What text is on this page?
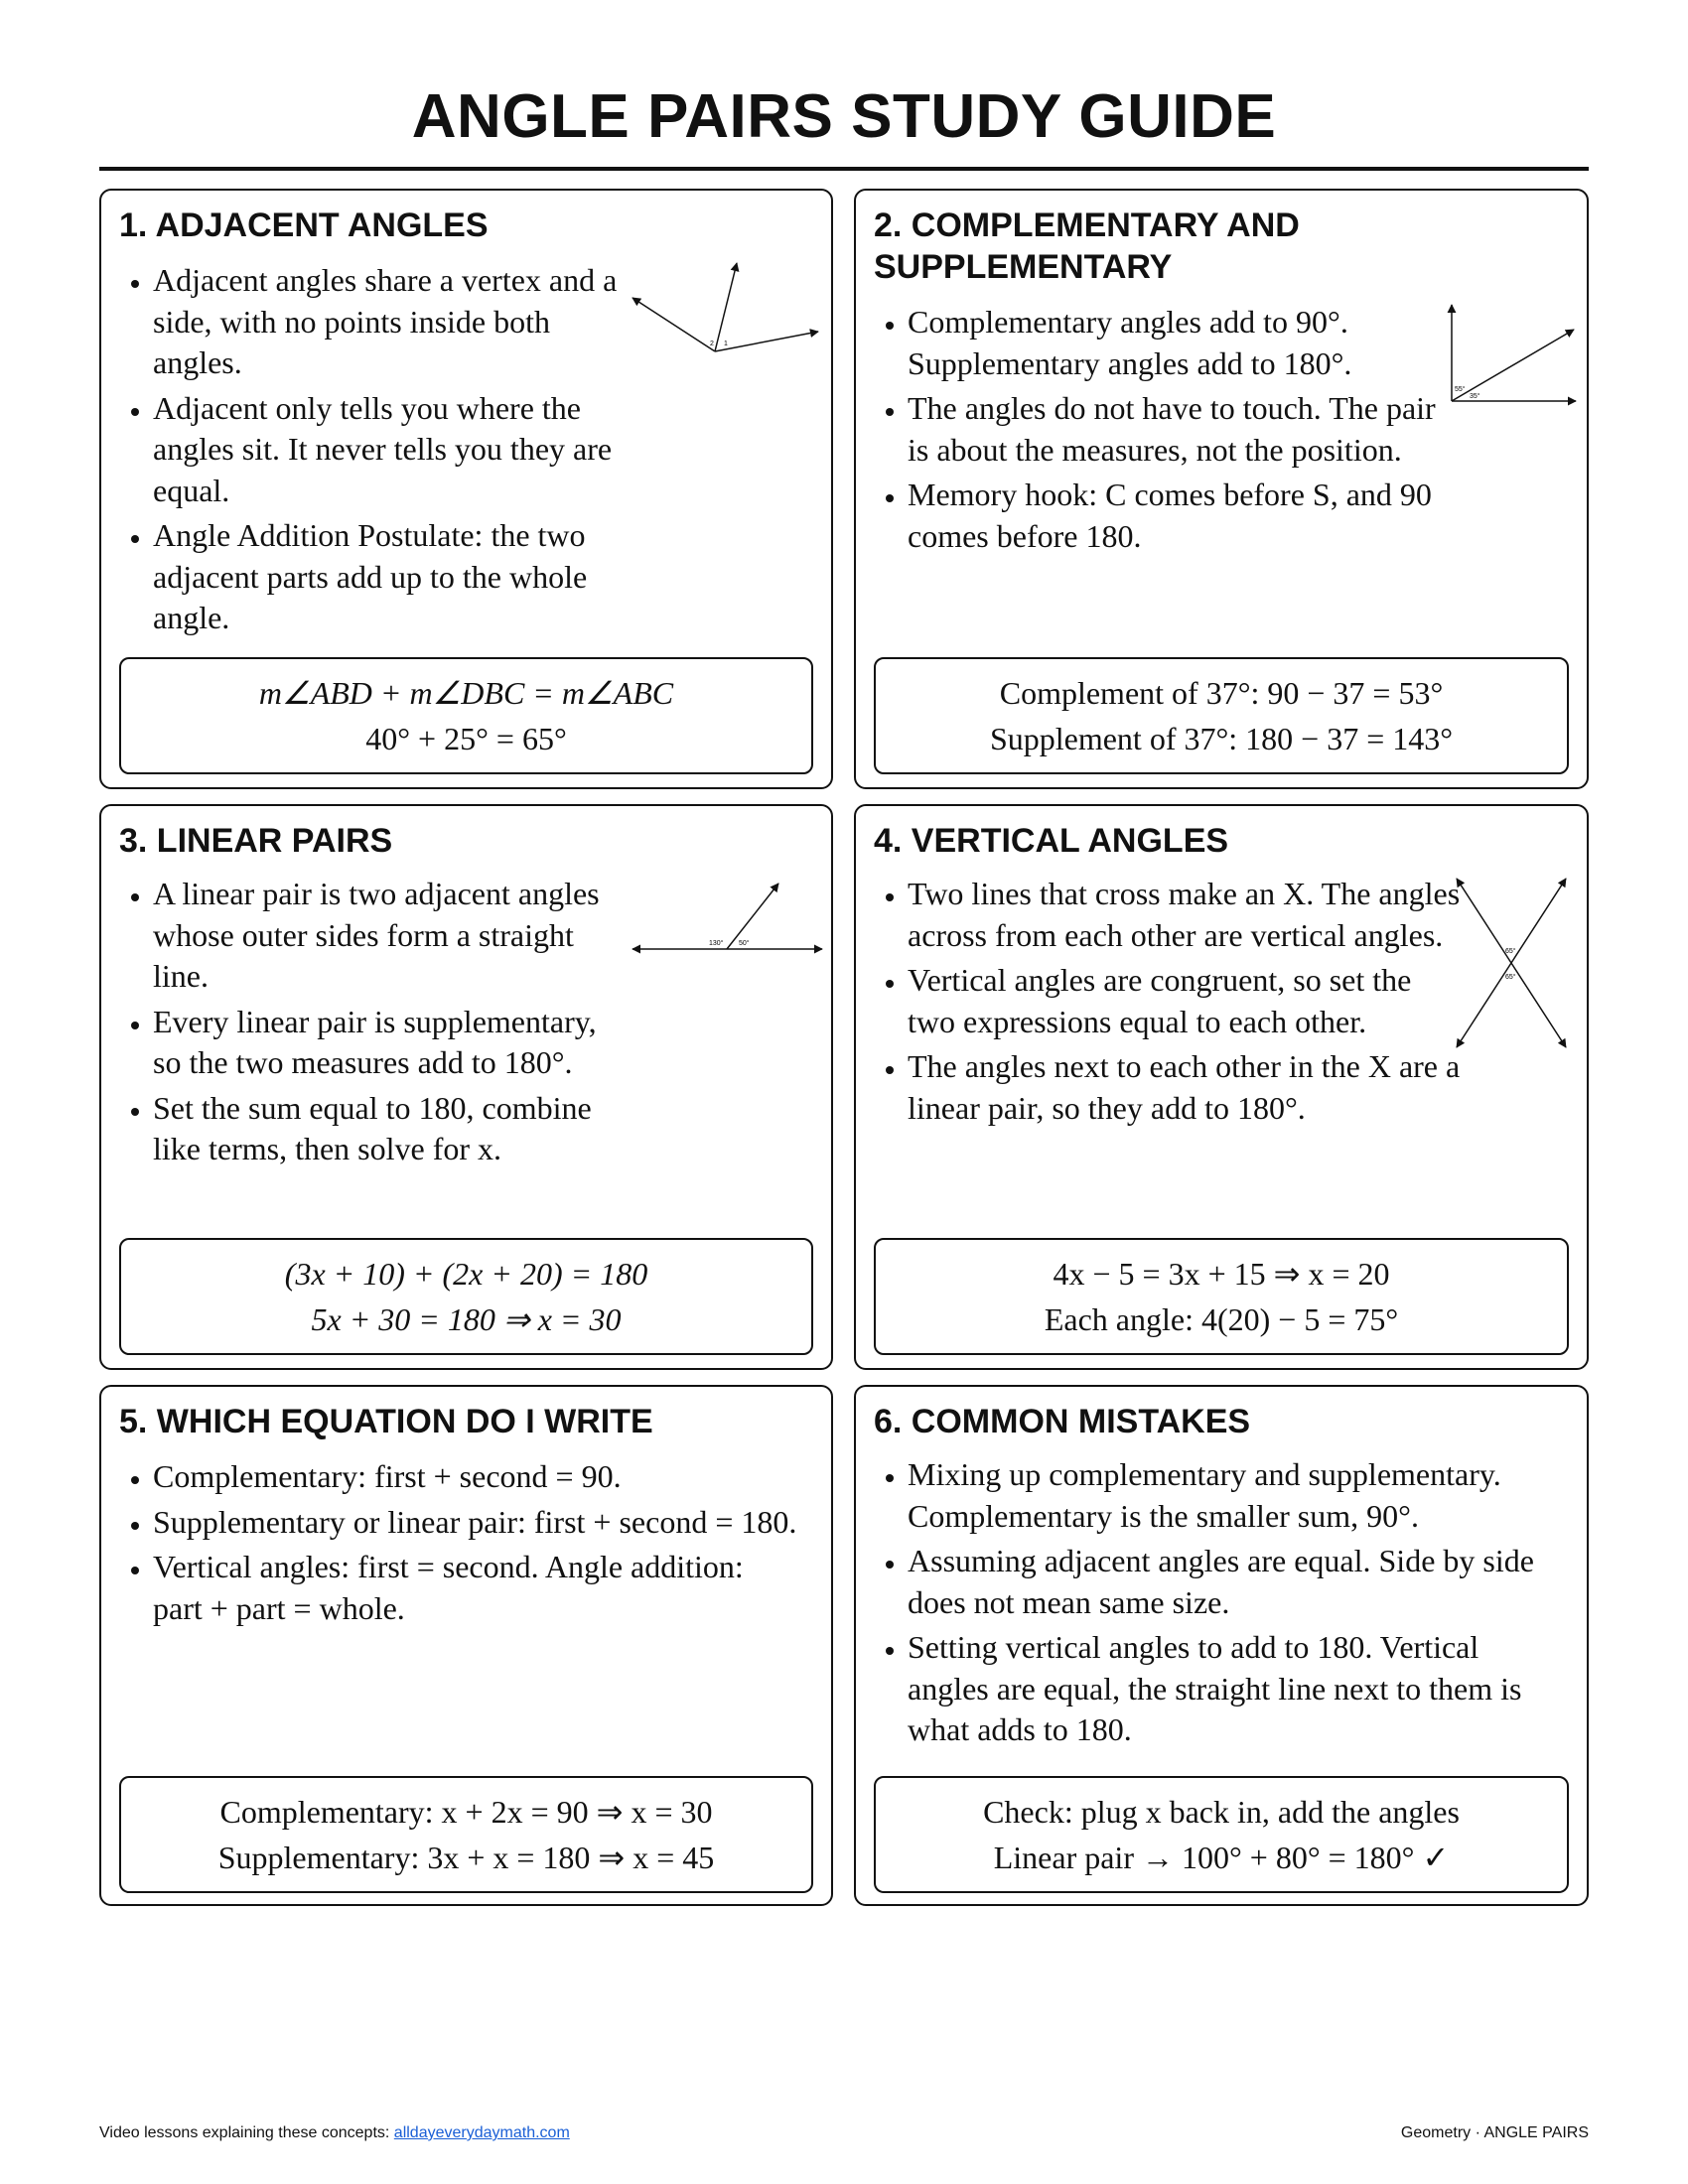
ANGLE PAIRS STUDY GUIDE
1. ADJACENT ANGLES
• Adjacent angles share a vertex and a side, with no points inside both angles.
• Adjacent only tells you where the angles sit. It never tells you they are equal.
• Angle Addition Postulate: the two adjacent parts add up to the whole angle.
2 1
m∠ABD + m∠DBC = m∠ABC
40° + 25° = 65°
2. COMPLEMENTARY AND SUPPLEMENTARY
• Complementary angles add to 90°. Supplementary angles add to 180°.
• The angles do not have to touch. The pair is about the measures, not the position.
• Memory hook: C comes before S, and 90 comes before 180.
55°
35°
Complement of 37°: 90 − 37 = 53°
Supplement of 37°: 180 − 37 = 143°
3. LINEAR PAIRS
• A linear pair is two adjacent angles whose outer sides form a straight line.
• Every linear pair is supplementary, so the two measures add to 180°.
• Set the sum equal to 180, combine like terms, then solve for x.
130° 50°
(3x + 10) + (2x + 20) = 180
5x + 30 = 180 ⇒ x = 30
4. VERTICAL ANGLES
• Two lines that cross make an X. The angles across from each other are vertical angles.
• Vertical angles are congruent, so set the two expressions equal to each other.
• The angles next to each other in the X are a linear pair, so they add to 180°.
65°
65°
4x − 5 = 3x + 15 ⇒ x = 20
Each angle: 4(20) − 5 = 75°
5. WHICH EQUATION DO I WRITE
• Complementary: first + second = 90.
• Supplementary or linear pair: first + second = 180.
• Vertical angles: first = second. Angle addition: part + part = whole.
Complementary: x + 2x = 90 ⇒ x = 30
Supplementary: 3x + x = 180 ⇒ x = 45
6. COMMON MISTAKES
• Mixing up complementary and supplementary. Complementary is the smaller sum, 90°.
• Assuming adjacent angles are equal. Side by side does not mean same size.
• Setting vertical angles to add to 180. Vertical angles are equal, the straight line next to them is what adds to 180.
Check: plug x back in, add the angles
Linear pair → 100° + 80° = 180° ✓
Video lessons explaining these concepts: alldayeverydaymath.com	Geometry · ANGLE PAIRS
